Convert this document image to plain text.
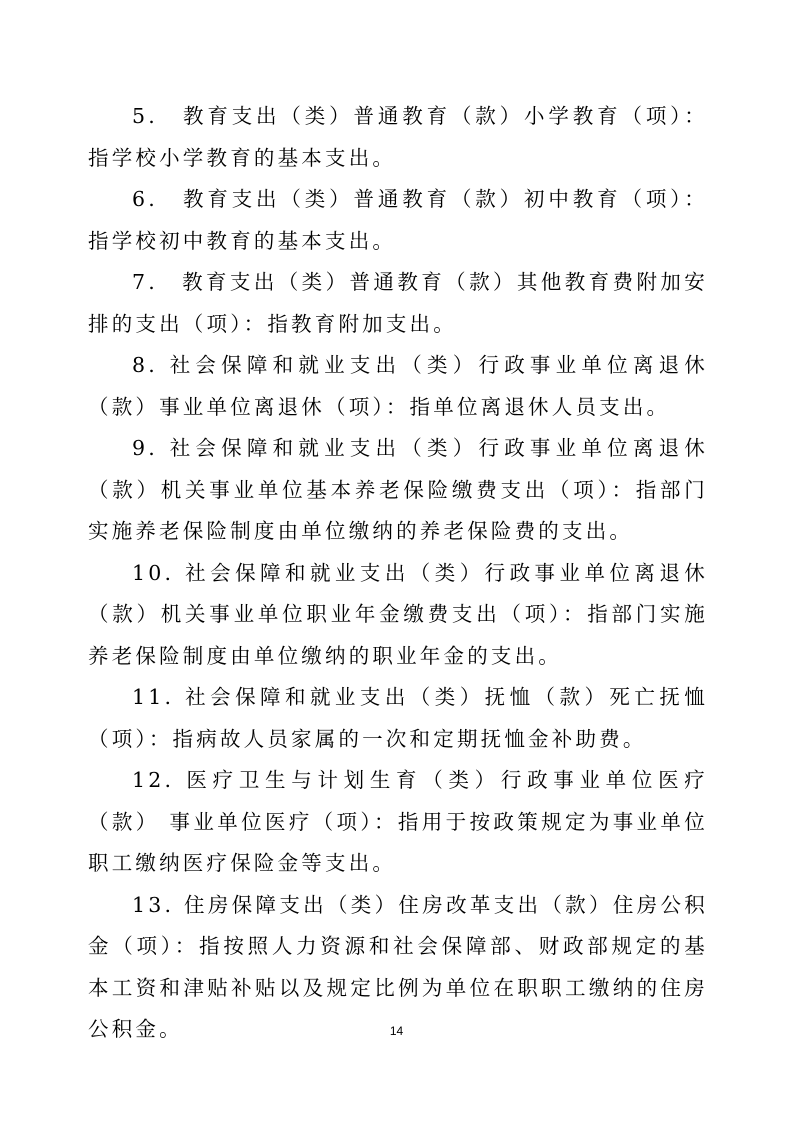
5.　教育支出（类）普通教育（款）小学教育（项）：指学校小学教育的基本支出。

6.　教育支出（类）普通教育（款）初中教育（项）：指学校初中教育的基本支出。

7.　教育支出（类）普通教育（款）其他教育费附加安排的支出（项）：指教育附加支出。

8. 社会保障和就业支出（类）行政事业单位离退休（款）事业单位离退休（项）：指单位离退休人员支出。

9. 社会保障和就业支出（类）行政事业单位离退休（款）机关事业单位基本养老保险缴费支出（项）：指部门实施养老保险制度由单位缴纳的养老保险费的支出。

10. 社会保障和就业支出（类）行政事业单位离退休（款）机关事业单位职业年金缴费支出（项）：指部门实施养老保险制度由单位缴纳的职业年金的支出。

11. 社会保障和就业支出（类）抚恤（款）死亡抚恤（项）：指病故人员家属的一次和定期抚恤金补助费。

12. 医疗卫生与计划生育（类）行政事业单位医疗（款） 事业单位医疗（项）：指用于按政策规定为事业单位职工缴纳医疗保险金等支出。

13. 住房保障支出（类）住房改革支出（款）住房公积金（项）：指按照人力资源和社会保障部、财政部规定的基本工资和津贴补贴以及规定比例为单位在职职工缴纳的住房公积金。	14
